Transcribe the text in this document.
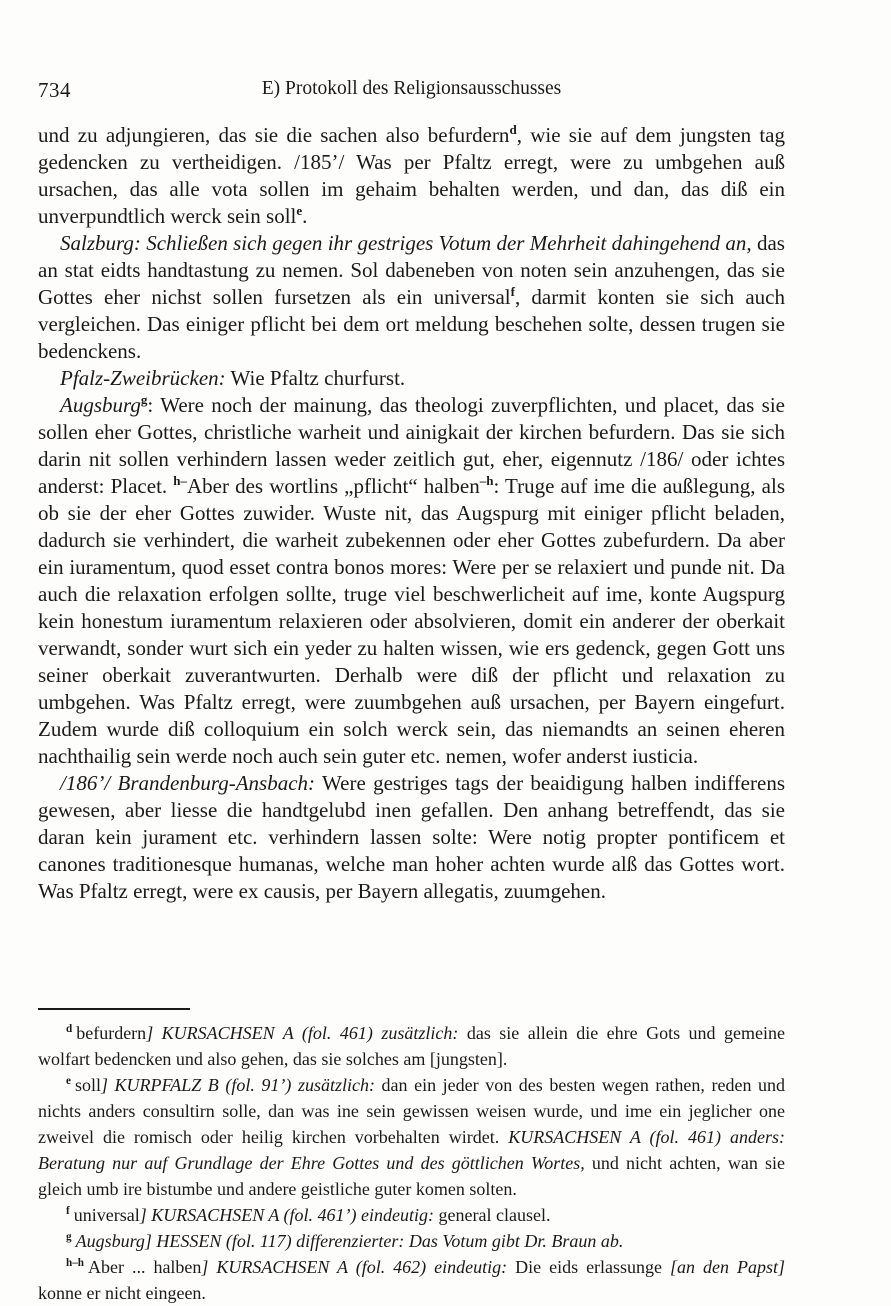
734	E) Protokoll des Religionsausschusses

und zu adjungieren, das sie die sachen also befurdern$^d$, wie sie auf dem jungsten tag gedencken zu vertheidigen. /185’/ Was per Pfaltz erregt, were zu umbgehen auß ursachen, das alle vota sollen im gehaim behalten werden, und dan, das diß ein unverpundtlich werck sein soll$^e$.

Salzburg: Schließen sich gegen ihr gestriges Votum der Mehrheit dahingehend an, das an stat eidts handtastung zu nemen. Sol dabeneben von noten sein anzuhengen, das sie Gottes eher nichst sollen fursetzen als ein universal$^f$, darmit konten sie sich auch vergleichen. Das einiger pflicht bei dem ort meldung beschehen solte, dessen trugen sie bedenckens.

Pfalz-Zweibrücken: Wie Pfaltz churfurst.

Augsburg$^g$: Were noch der mainung, das theologi zuverpflichten, und placet, das sie sollen eher Gottes, christliche warheit und ainigkait der kirchen befurdern. Das sie sich darin nit sollen verhindern lassen weder zeitlich gut, eher, eigennutz /186/ oder ichtes anderst: Placet. $^{h-}$Aber des wortlins „pflicht“ halben$^{-h}$: Truge auf ime die außlegung, als ob sie der eher Gottes zuwider. Wuste nit, das Augspurg mit einiger pflicht beladen, dadurch sie verhindert, die warheit zubekennen oder eher Gottes zubefurdern. Da aber ein iuramentum, quod esset contra bonos mores: Were per se relaxiert und punde nit. Da auch die relaxation erfolgen sollte, truge viel beschwerlicheit auf ime, konte Augspurg kein honestum iuramentum relaxieren oder absolvieren, domit ein anderer der oberkait verwandt, sonder wurt sich ein yeder zu halten wissen, wie ers gedenck, gegen Gott uns seiner oberkait zuverantwurten. Derhalb were diß der pflicht und relaxation zu umbgehen. Was Pfaltz erregt, were zuumbgehen auß ursachen, per Bayern eingefurt. Zudem wurde diß colloquium ein solch werck sein, das niemandts an seinen eheren nachthailig sein werde noch auch sein guter etc. nemen, wofer anderst iusticia.

/186’/ Brandenburg-Ansbach: Were gestriges tags der beaidigung halben indifferens gewesen, aber liesse die handtgelubd inen gefallen. Den anhang betreffendt, das sie daran kein jurament etc. verhindern lassen solte: Were notig propter pontificem et canones traditionesque humanas, welche man hoher achten wurde alß das Gottes wort. Was Pfaltz erregt, were ex causis, per Bayern allegatis, zuumgehen.

$^d$ befurdern] KURSACHSEN A (fol. 461) zusätzlich: das sie allein die ehre Gots und gemeine wolfart bedencken und also gehen, das sie solches am [jungsten].

$^e$ soll] KURPFALZ B (fol. 91’) zusätzlich: dan ein jeder von des besten wegen rathen, reden und nichts anders consultirn solle, dan was ine sein gewissen weisen wurde, und ime ein jeglicher one zweivel die romisch oder heilig kirchen vorbehalten wirdet. KURSACHSEN A (fol. 461) anders: Beratung nur auf Grundlage der Ehre Gottes und des göttlichen Wortes, und nicht achten, wan sie gleich umb ire bistumbe und andere geistliche guter komen solten.

$^f$ universal] KURSACHSEN A (fol. 461’) eindeutig: general clausel.

$^g$ Augsburg] HESSEN (fol. 117) differenzierter: Das Votum gibt Dr. Braun ab.

$^{h-h}$ Aber ... halben] KURSACHSEN A (fol. 462) eindeutig: Die eids erlassunge [an den Papst] konne er nicht eingeen.
